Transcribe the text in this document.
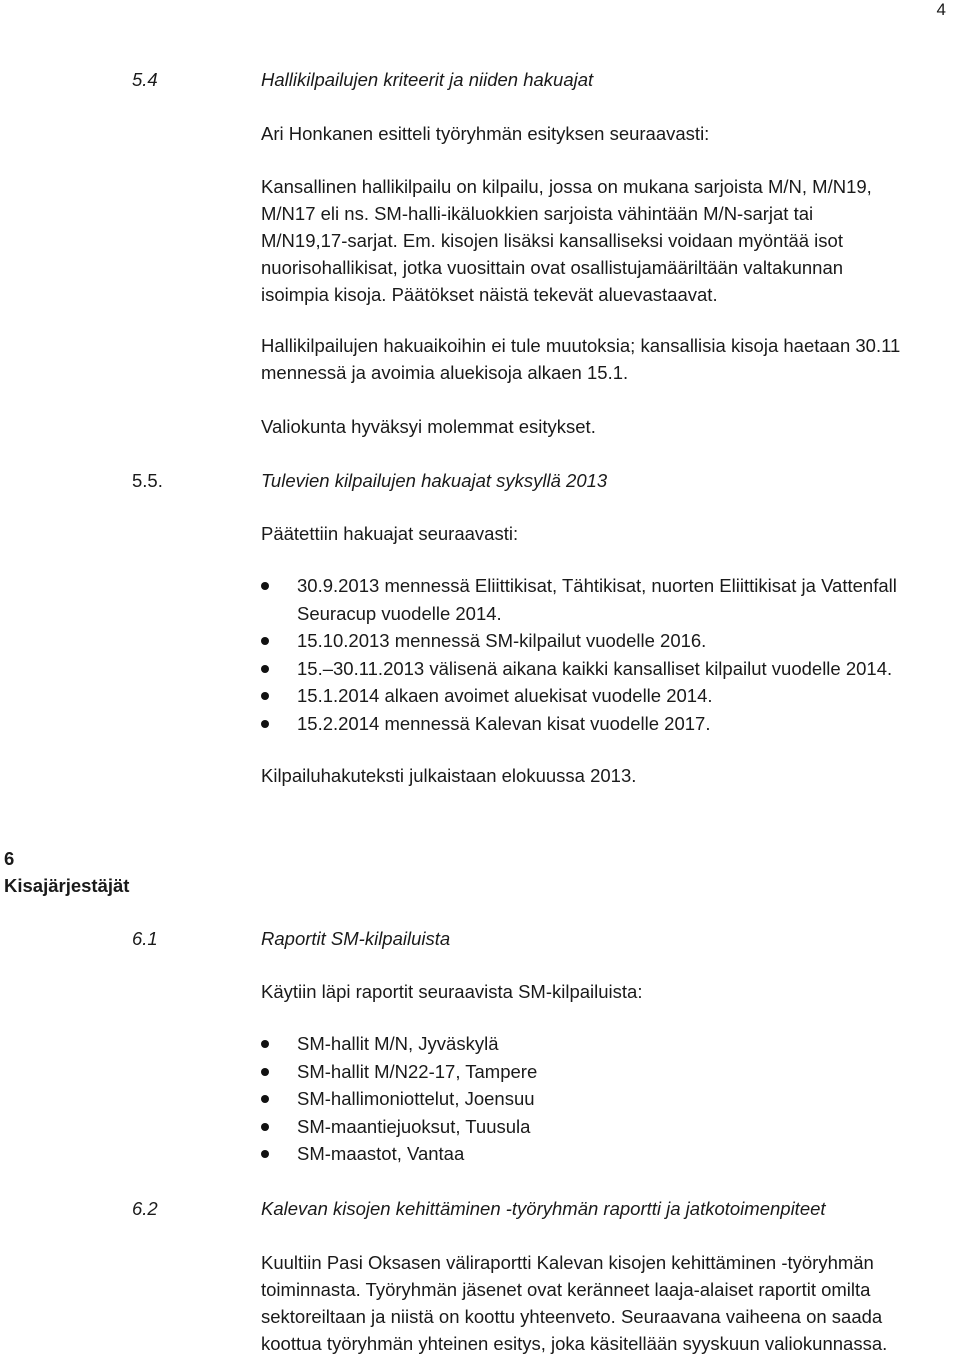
4
5.4	Hallikilpailujen kriteerit ja niiden hakuajat

Ari Honkanen esitteli työryhmän esityksen seuraavasti:

Kansallinen hallikilpailu on kilpailu, jossa on mukana sarjoista M/N, M/N19,

M/N17 eli ns. SM-halli-ikäluokkien sarjoista vähintään M/N-sarjat tai

M/N19,17-sarjat. Em. kisojen lisäksi kansalliseksi voidaan myöntää isot

nuorisohallikisat, jotka vuosittain ovat osallistujamääriltään valtakunnan

isoimpia kisoja. Päätökset näistä tekevät aluevastaavat.

Hallikilpailujen hakuaikoihin ei tule muutoksia; kansallisia kisoja haetaan 30.11

mennessä ja avoimia aluekisoja alkaen 15.1.

Valiokunta hyväksyi molemmat esitykset.

5.5.	Tulevien kilpailujen hakuajat syksyllä 2013

Päätettiin hakuajat seuraavasti:

30.9.2013 mennessä Eliittikisat, Tähtikisat, nuorten Eliittikisat ja Vattenfall
Seuracup vuodelle 2014.
15.10.2013 mennessä SM-kilpailut vuodelle 2016.
15.–30.11.2013 välisenä aikana kaikki kansalliset kilpailut vuodelle 2014.
15.1.2014 alkaen avoimet aluekisat vuodelle 2014.
15.2.2014 mennessä Kalevan kisat vuodelle 2017.

Kilpailuhakuteksti julkaistaan elokuussa 2013.

6
Kisajärjestäjät
6.1	Raportit SM-kilpailuista

Käytiin läpi raportit seuraavista SM-kilpailuista:

SM-hallit M/N, Jyväskylä
SM-hallit M/N22-17, Tampere
SM-hallimoniottelut, Joensuu
SM-maantiejuoksut, Tuusula
SM-maastot, Vantaa
6.2	Kalevan kisojen kehittäminen -työryhmän raportti ja jatkotoimenpiteet

Kuultiin Pasi Oksasen väliraportti Kalevan kisojen kehittäminen -työryhmän

toiminnasta. Työryhmän jäsenet ovat keränneet laaja-alaiset raportit omilta

sektoreiltaan ja niistä on koottu yhteenveto. Seuraavana vaiheena on saada

koottua työryhmän yhteinen esitys, joka käsitellään syyskuun valiokunnassa.
